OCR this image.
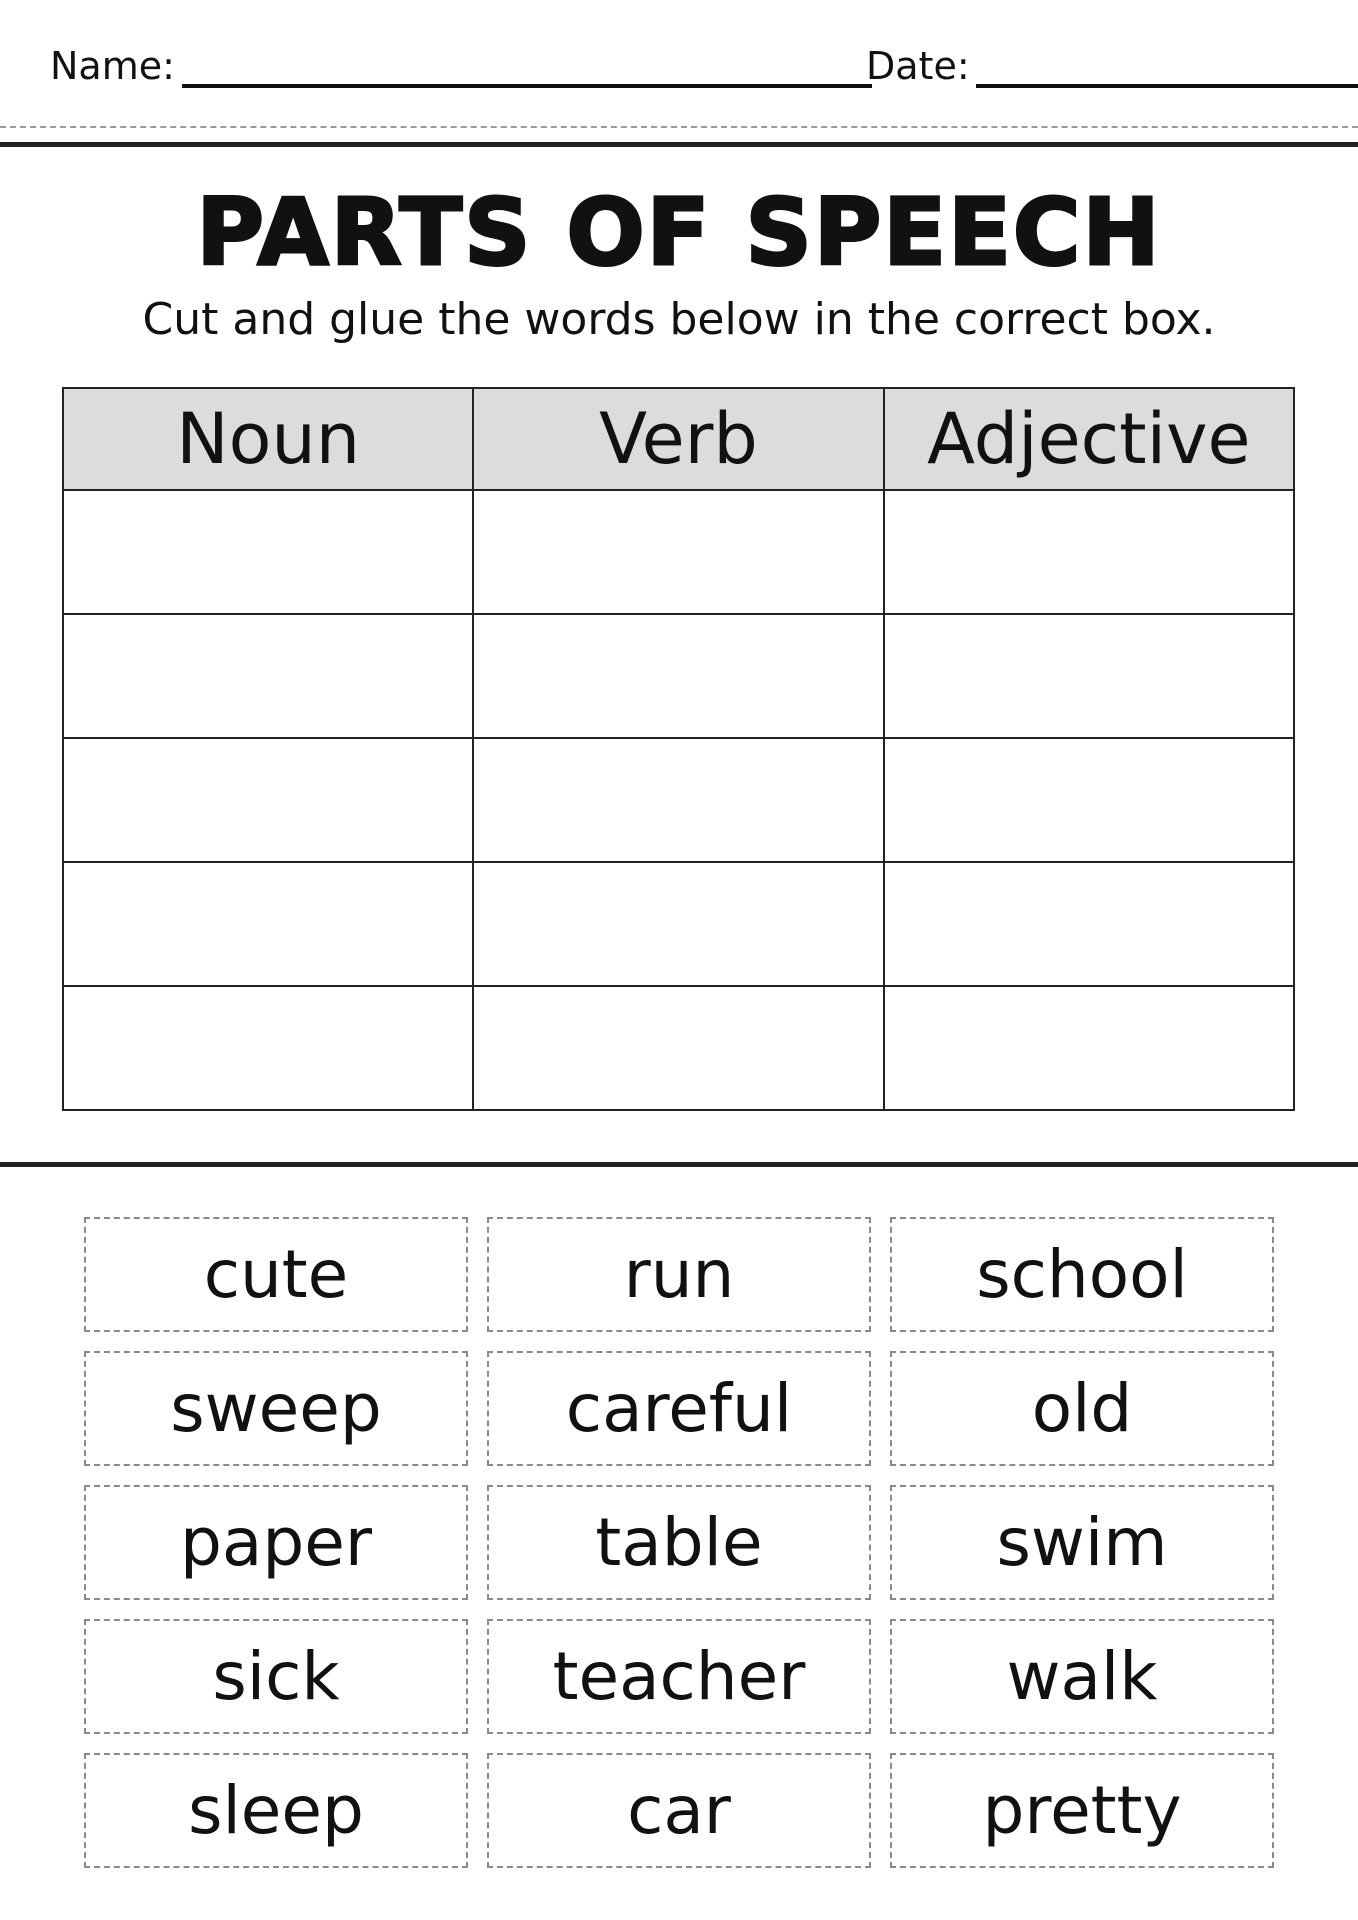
Name:	Date:
PARTS OF SPEECH
Cut and glue the words below in the correct box.
Noun	Verb	Adjective

cute	run	school
sweep	careful	old
paper	table	swim
sick	teacher	walk
sleep	car	pretty
